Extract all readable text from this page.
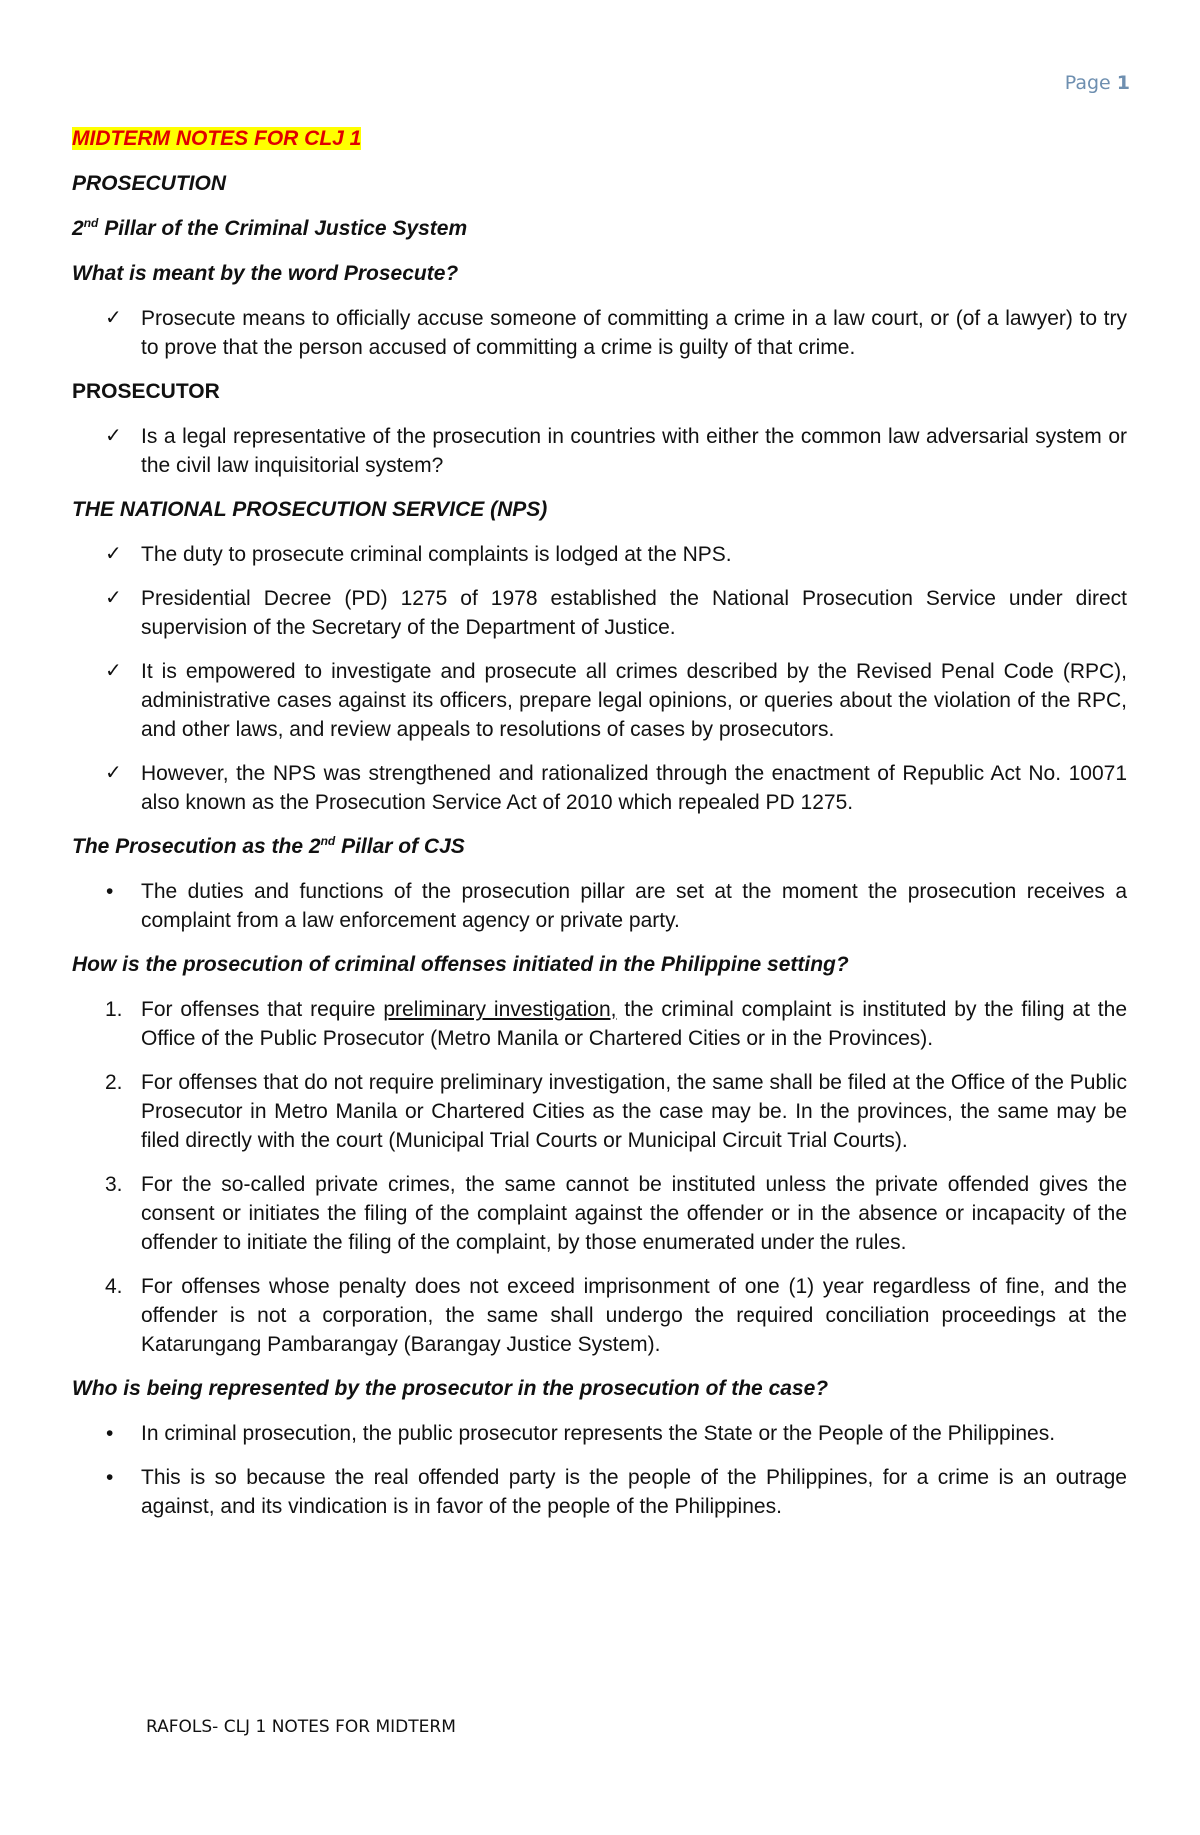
Page 1

MIDTERM NOTES FOR CLJ 1

PROSECUTION

2nd Pillar of the Criminal Justice System

What is meant by the word Prosecute?

✓ Prosecute means to officially accuse someone of committing a crime in a law court, or (of a lawyer) to try to prove that the person accused of committing a crime is guilty of that crime.

PROSECUTOR

✓ Is a legal representative of the prosecution in countries with either the common law adversarial system or the civil law inquisitorial system?

THE NATIONAL PROSECUTION SERVICE (NPS)

✓ The duty to prosecute criminal complaints is lodged at the NPS.
✓ Presidential Decree (PD) 1275 of 1978 established the National Prosecution Service under direct supervision of the Secretary of the Department of Justice.
✓ It is empowered to investigate and prosecute all crimes described by the Revised Penal Code (RPC), administrative cases against its officers, prepare legal opinions, or queries about the violation of the RPC, and other laws, and review appeals to resolutions of cases by prosecutors.
✓ However, the NPS was strengthened and rationalized through the enactment of Republic Act No. 10071 also known as the Prosecution Service Act of 2010 which repealed PD 1275.

The Prosecution as the 2nd Pillar of CJS

• The duties and functions of the prosecution pillar are set at the moment the prosecution receives a complaint from a law enforcement agency or private party.

How is the prosecution of criminal offenses initiated in the Philippine setting?

1. For offenses that require preliminary investigation, the criminal complaint is instituted by the filing at the Office of the Public Prosecutor (Metro Manila or Chartered Cities or in the Provinces).
2. For offenses that do not require preliminary investigation, the same shall be filed at the Office of the Public Prosecutor in Metro Manila or Chartered Cities as the case may be. In the provinces, the same may be filed directly with the court (Municipal Trial Courts or Municipal Circuit Trial Courts).
3. For the so-called private crimes, the same cannot be instituted unless the private offended gives the consent or initiates the filing of the complaint against the offender or in the absence or incapacity of the offender to initiate the filing of the complaint, by those enumerated under the rules.
4. For offenses whose penalty does not exceed imprisonment of one (1) year regardless of fine, and the offender is not a corporation, the same shall undergo the required conciliation proceedings at the Katarungang Pambarangay (Barangay Justice System).

Who is being represented by the prosecutor in the prosecution of the case?

• In criminal prosecution, the public prosecutor represents the State or the People of the Philippines.
• This is so because the real offended party is the people of the Philippines, for a crime is an outrage against, and its vindication is in favor of the people of the Philippines.
RAFOLS- CLJ 1 NOTES FOR MIDTERM
